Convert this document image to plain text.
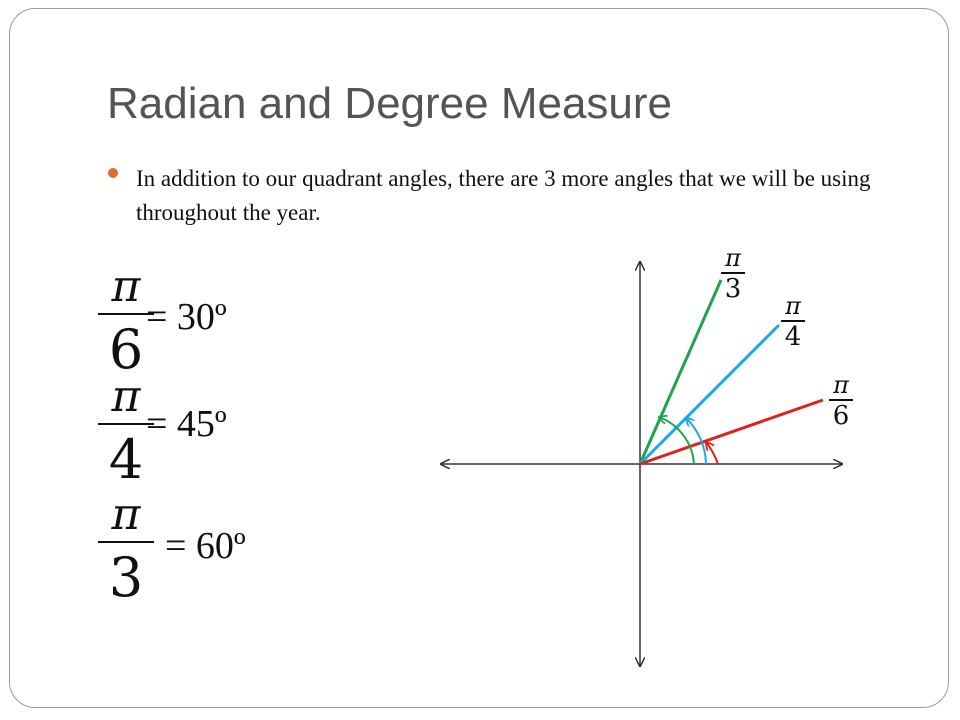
Radian and Degree Measure
In addition to our quadrant angles, there are 3 more angles that we will be using throughout the year.
π
6
= 30º
π
4
= 45º
π
3 = 60º
π
3
π
4
π
6
